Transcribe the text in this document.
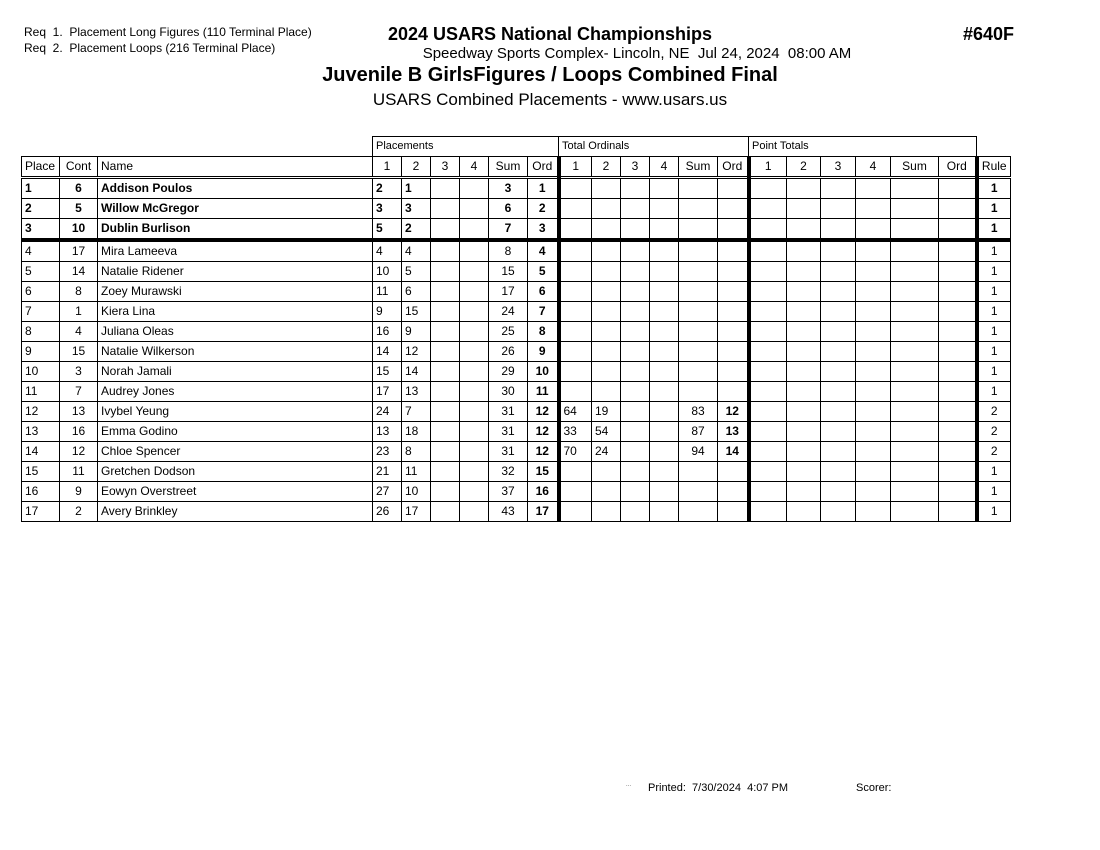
Req  1.  Placement Long Figures (110 Terminal Place)
Req  2.  Placement Loops (216 Terminal Place)
2024 USARS National Championships
Speedway Sports Complex- Lincoln, NE  Jul 24, 2024  08:00 AM
Juvenile B GirlsFigures / Loops Combined Final
USARS Combined Placements - www.usars.us
#640F
			Placements						Total Ordinals						Point Totals						
Place	Cont	Name	1	2	3	4	Sum	Ord	1	2	3	4	Sum	Ord	1	2	3	4	Sum	Ord	Rule
1	6	Addison Poulos	2	1			3	1													1
2	5	Willow McGregor	3	3			6	2													1
3	10	Dublin Burlison	5	2			7	3													1
4	17	Mira Lameeva	4	4			8	4													1
5	14	Natalie Ridener	10	5			15	5													1
6	8	Zoey Murawski	11	6			17	6													1
7	1	Kiera Lina	9	15			24	7													1
8	4	Juliana Oleas	16	9			25	8													1
9	15	Natalie Wilkerson	14	12			26	9													1
10	3	Norah Jamali	15	14			29	10													1
11	7	Audrey Jones	17	13			30	11													1
12	13	Ivybel Yeung	24	7			31	12	64	19			83	12							2
13	16	Emma Godino	13	18			31	12	33	54			87	13							2
14	12	Chloe Spencer	23	8			31	12	70	24			94	14							2
15	11	Gretchen Dodson	21	11			32	15													1
16	9	Eowyn Overstreet	27	10			37	16													1
17	2	Avery Brinkley	26	17			43	17													1
··· Printed:  7/30/2024  4:07 PM	Scorer:
